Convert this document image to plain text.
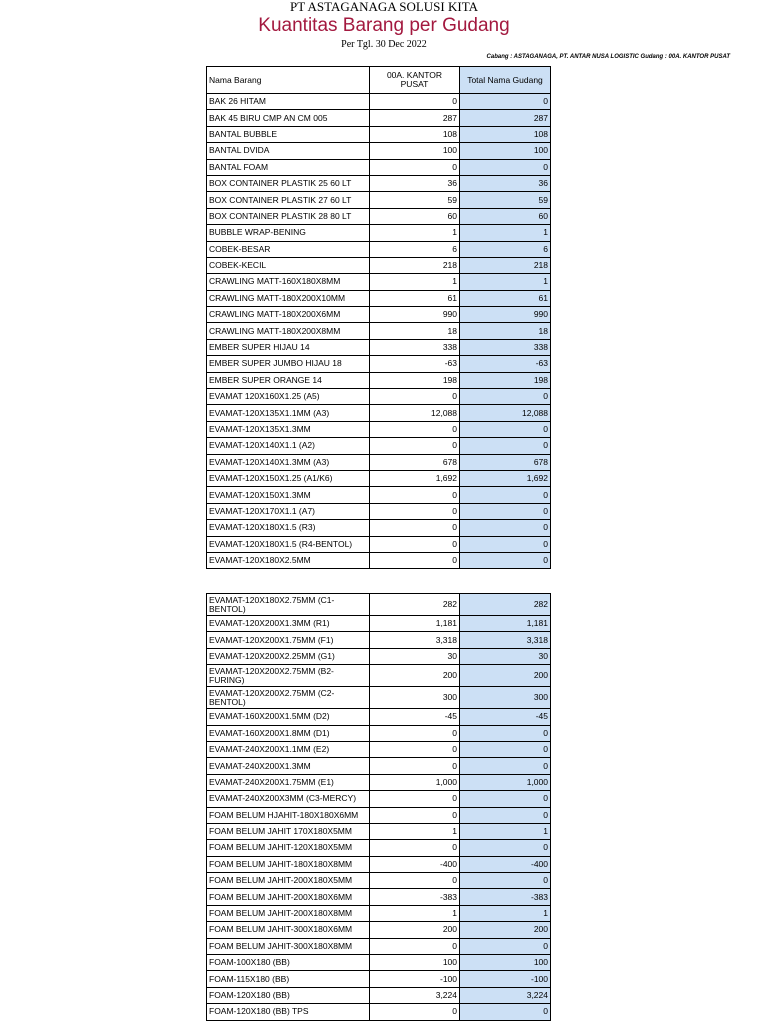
PT ASTAGANAGA SOLUSI KITA
Kuantitas Barang per Gudang
Per Tgl. 30 Dec 2022
Cabang : ASTAGANAGA, PT. ANTAR NUSA LOGISTIC Gudang : 00A. KANTOR PUSAT
Nama Barang	00A. KANTOR PUSAT	Total Nama Gudang
BAK 26 HITAM	0	0
BAK 45 BIRU CMP AN CM 005	287	287
BANTAL BUBBLE	108	108
BANTAL DVIDA	100	100
BANTAL FOAM	0	0
BOX CONTAINER PLASTIK 25 60 LT	36	36
BOX CONTAINER PLASTIK 27 60 LT	59	59
BOX CONTAINER PLASTIK 28 80 LT	60	60
BUBBLE WRAP-BENING	1	1
COBEK-BESAR	6	6
COBEK-KECIL	218	218
CRAWLING MATT-160X180X8MM	1	1
CRAWLING MATT-180X200X10MM	61	61
CRAWLING MATT-180X200X6MM	990	990
CRAWLING MATT-180X200X8MM	18	18
EMBER SUPER HIJAU 14	338	338
EMBER SUPER JUMBO HIJAU 18	-63	-63
EMBER SUPER ORANGE 14	198	198
EVAMAT 120X160X1.25 (A5)	0	0
EVAMAT-120X135X1.1MM (A3)	12,088	12,088
EVAMAT-120X135X1.3MM	0	0
EVAMAT-120X140X1.1 (A2)	0	0
EVAMAT-120X140X1.3MM (A3)	678	678
EVAMAT-120X150X1.25 (A1/K6)	1,692	1,692
EVAMAT-120X150X1.3MM	0	0
EVAMAT-120X170X1.1 (A7)	0	0
EVAMAT-120X180X1.5 (R3)	0	0
EVAMAT-120X180X1.5 (R4-BENTOL)	0	0
EVAMAT-120X180X2.5MM	0	0
EVAMAT-120X180X2.75MM (C1-BENTOL)	282	282
EVAMAT-120X200X1.3MM (R1)	1,181	1,181
EVAMAT-120X200X1.75MM (F1)	3,318	3,318
EVAMAT-120X200X2.25MM (G1)	30	30
EVAMAT-120X200X2.75MM (B2-FURING)	200	200
EVAMAT-120X200X2.75MM (C2-BENTOL)	300	300
EVAMAT-160X200X1.5MM (D2)	-45	-45
EVAMAT-160X200X1.8MM (D1)	0	0
EVAMAT-240X200X1.1MM (E2)	0	0
EVAMAT-240X200X1.3MM	0	0
EVAMAT-240X200X1.75MM (E1)	1,000	1,000
EVAMAT-240X200X3MM (C3-MERCY)	0	0
FOAM BELUM HJAHIT-180X180X6MM	0	0
FOAM BELUM JAHIT 170X180X5MM	1	1
FOAM BELUM JAHIT-120X180X5MM	0	0
FOAM BELUM JAHIT-180X180X8MM	-400	-400
FOAM BELUM JAHIT-200X180X5MM	0	0
FOAM BELUM JAHIT-200X180X6MM	-383	-383
FOAM BELUM JAHIT-200X180X8MM	1	1
FOAM BELUM JAHIT-300X180X6MM	200	200
FOAM BELUM JAHIT-300X180X8MM	0	0
FOAM-100X180 (BB)	100	100
FOAM-115X180 (BB)	-100	-100
FOAM-120X180 (BB)	3,224	3,224
FOAM-120X180 (BB) TPS	0	0
